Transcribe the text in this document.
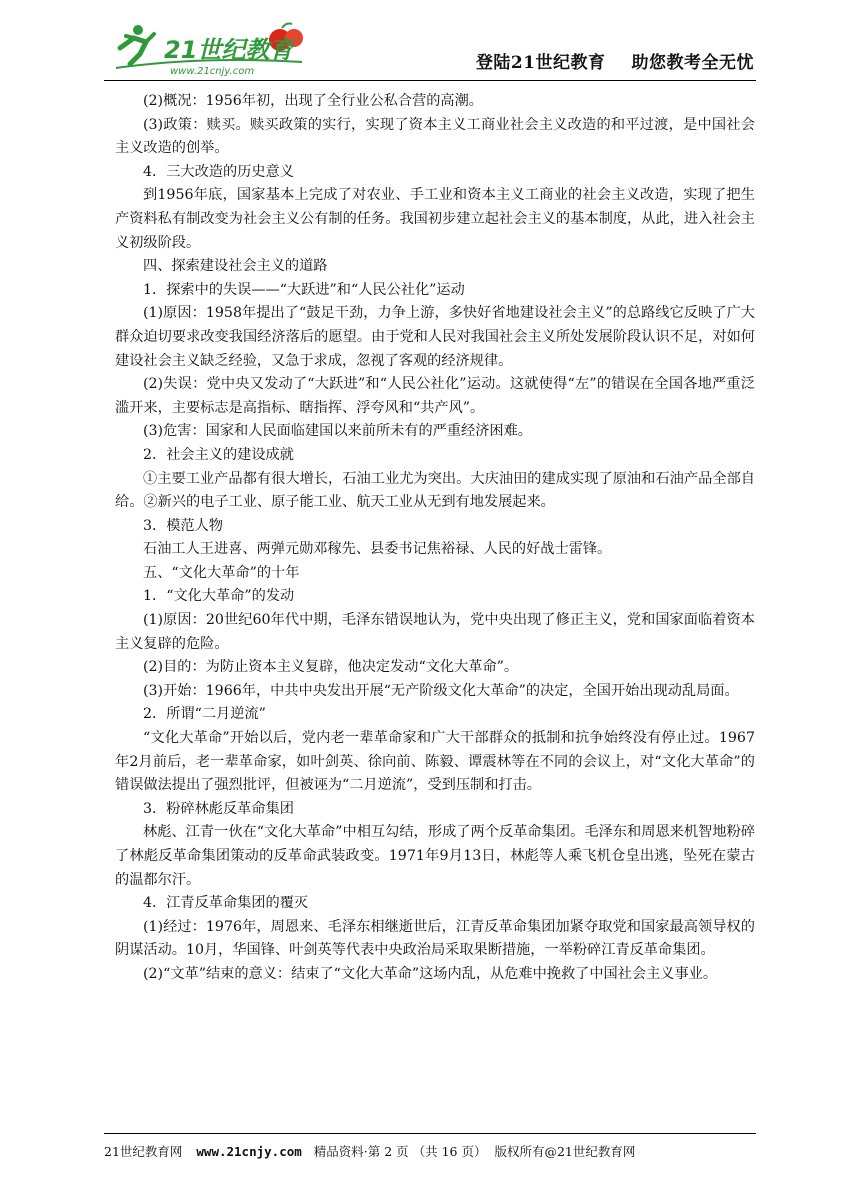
21世纪教育
www.21cnjy.com	登陆21世纪教育 助您教考全无忧

(2)概况：1956年初，出现了全行业公私合营的高潮。

(3)政策：赎买。赎买政策的实行，实现了资本主义工商业社会主义改造的和平过渡，是中国社会主义改造的创举。

4．三大改造的历史意义

到1956年底，国家基本上完成了对农业、手工业和资本主义工商业的社会主义改造，实现了把生产资料私有制改变为社会主义公有制的任务。我国初步建立起社会主义的基本制度，从此，进入社会主义初级阶段。

四、探索建设社会主义的道路

1．探索中的失误——“大跃进”和“人民公社化”运动

(1)原因：1958年提出了“鼓足干劲，力争上游，多快好省地建设社会主义”的总路线它反映了广大群众迫切要求改变我国经济落后的愿望。由于党和人民对我国社会主义所处发展阶段认识不足，对如何建设社会主义缺乏经验，又急于求成，忽视了客观的经济规律。

(2)失误：党中央又发动了“大跃进”和“人民公社化”运动。这就使得“左”的错误在全国各地严重泛滥开来，主要标志是高指标、瞎指挥、浮夸风和“共产风”。

(3)危害：国家和人民面临建国以来前所未有的严重经济困难。

2．社会主义的建设成就

①主要工业产品都有很大增长，石油工业尤为突出。大庆油田的建成实现了原油和石油产品全部自给。②新兴的电子工业、原子能工业、航天工业从无到有地发展起来。

3．模范人物

石油工人王进喜、两弹元勋邓稼先、县委书记焦裕禄、人民的好战士雷锋。

五、“文化大革命”的十年

1．“文化大革命”的发动

(1)原因：20世纪60年代中期，毛泽东错误地认为，党中央出现了修正主义，党和国家面临着资本主义复辟的危险。

(2)目的：为防止资本主义复辟，他决定发动“文化大革命”。

(3)开始：1966年，中共中央发出开展“无产阶级文化大革命”的决定，全国开始出现动乱局面。

2．所谓“二月逆流”

“文化大革命”开始以后，党内老一辈革命家和广大干部群众的抵制和抗争始终没有停止过。1967年2月前后，老一辈革命家，如叶剑英、徐向前、陈毅、谭震林等在不同的会议上，对“文化大革命”的错误做法提出了强烈批评，但被诬为“二月逆流”，受到压制和打击。

3．粉碎林彪反革命集团

林彪、江青一伙在“文化大革命”中相互勾结，形成了两个反革命集团。毛泽东和周恩来机智地粉碎了林彪反革命集团策动的反革命武装政变。1971年9月13日，林彪等人乘飞机仓皇出逃，坠死在蒙古的温都尔汗。

4．江青反革命集团的覆灭

(1)经过：1976年，周恩来、毛泽东相继逝世后，江青反革命集团加紧夺取党和国家最高领导权的阴谋活动。10月，华国锋、叶剑英等代表中央政治局采取果断措施，一举粉碎江青反革命集团。

(2)“文革”结束的意义：结束了“文化大革命”这场内乱，从危难中挽救了中国社会主义事业。

21世纪教育网 www.21cnjy.com 精品资料·第 2 页 （共 16 页） 版权所有@21世纪教育网
